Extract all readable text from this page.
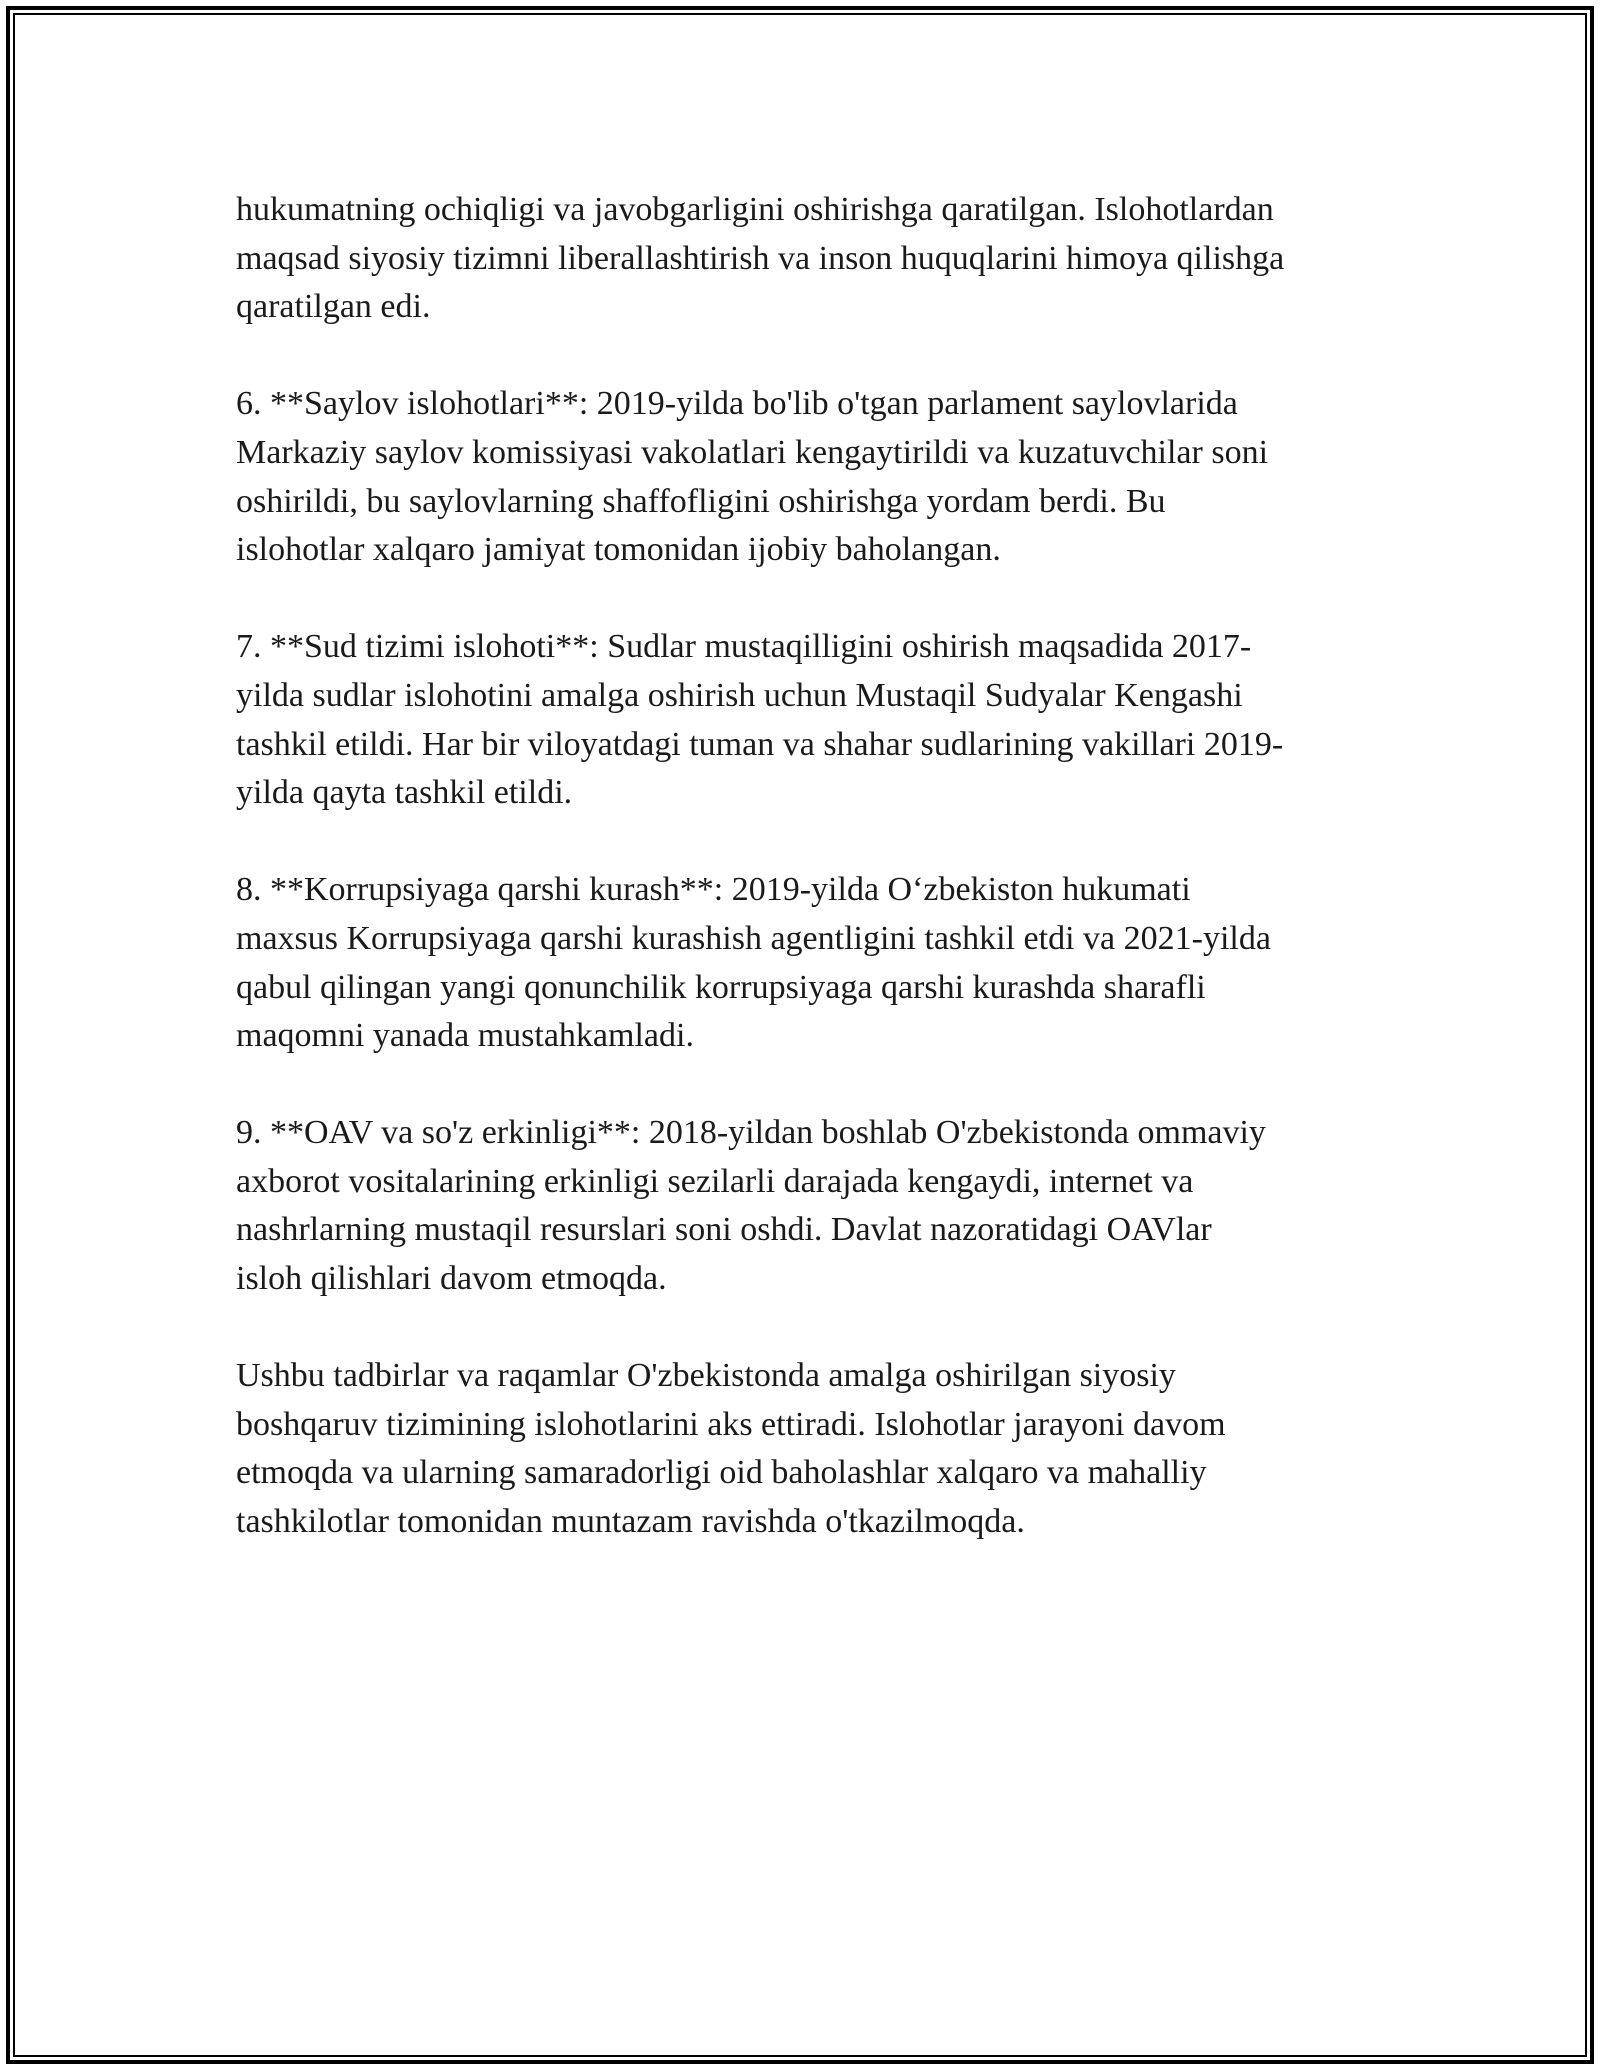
hukumatning ochiqligi va javobgarligini oshirishga qaratilgan. Islohotlardan
maqsad siyosiy tizimni liberallashtirish va inson huquqlarini himoya qilishga
qaratilgan edi.

6. **Saylov islohotlari**: 2019-yilda bo'lib o'tgan parlament saylovlarida
Markaziy saylov komissiyasi vakolatlari kengaytirildi va kuzatuvchilar soni
oshirildi, bu saylovlarning shaffofligini oshirishga yordam berdi. Bu
islohotlar xalqaro jamiyat tomonidan ijobiy baholangan.

7. **Sud tizimi islohoti**: Sudlar mustaqilligini oshirish maqsadida 2017-
yilda sudlar islohotini amalga oshirish uchun Mustaqil Sudyalar Kengashi
tashkil etildi. Har bir viloyatdagi tuman va shahar sudlarining vakillari 2019-
yilda qayta tashkil etildi.

8. **Korrupsiyaga qarshi kurash**: 2019-yilda O‘zbekiston hukumati
maxsus Korrupsiyaga qarshi kurashish agentligini tashkil etdi va 2021-yilda
qabul qilingan yangi qonunchilik korrupsiyaga qarshi kurashda sharafli
maqomni yanada mustahkamladi.

9. **OAV va so'z erkinligi**: 2018-yildan boshlab O'zbekistonda ommaviy
axborot vositalarining erkinligi sezilarli darajada kengaydi, internet va
nashrlarning mustaqil resurslari soni oshdi. Davlat nazoratidagi OAVlar
isloh qilishlari davom etmoqda.

Ushbu tadbirlar va raqamlar O'zbekistonda amalga oshirilgan siyosiy
boshqaruv tizimining islohotlarini aks ettiradi. Islohotlar jarayoni davom
etmoqda va ularning samaradorligi oid baholashlar xalqaro va mahalliy
tashkilotlar tomonidan muntazam ravishda o'tkazilmoqda.
